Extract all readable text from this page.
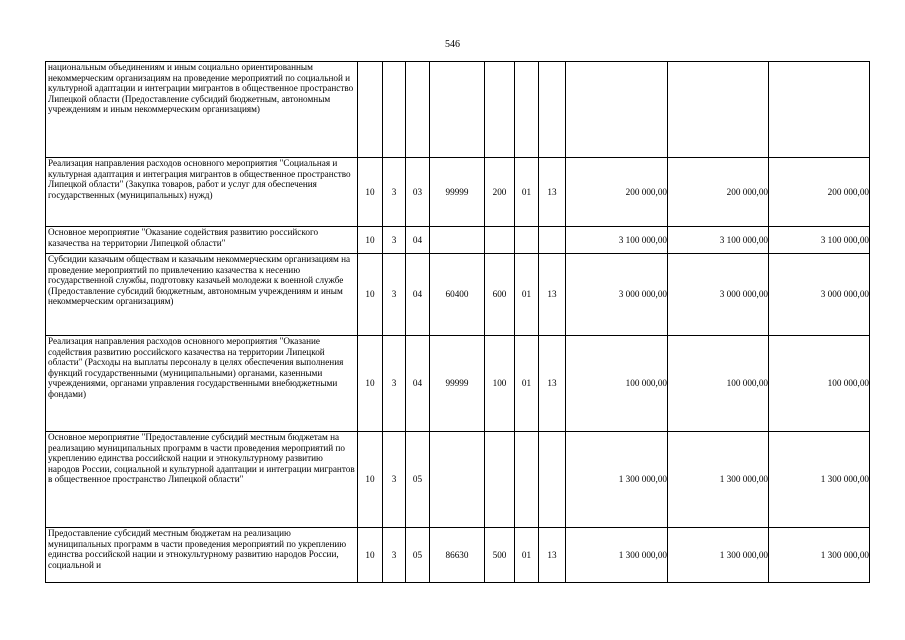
546
национальным объединениям и иным социально ориентированным некоммерческим организациям на проведение мероприятий по социальной и культурной адаптации и интеграции мигрантов в общественное пространство Липецкой области (Предоставление субсидий бюджетным, автономным учреждениям и иным некоммерческим организациям)										
Реализация направления расходов основного мероприятия "Социальная и культурная адаптация и интеграция мигрантов в общественное пространство Липецкой области" (Закупка товаров, работ и услуг для обеспечения государственных (муниципальных) нужд)	10	3	03	99999	200	01	13	200 000,00	200 000,00	200 000,00
Основное мероприятие "Оказание содействия развитию российского казачества на территории Липецкой области"	10	3	04					3 100 000,00	3 100 000,00	3 100 000,00
Субсидии казачьим обществам и казачьим некоммерческим организациям на проведение мероприятий по привлечению казачества к несению государственной службы, подготовку казачьей молодежи к военной службе (Предоставление субсидий бюджетным, автономным учреждениям и иным некоммерческим организациям)	10	3	04	60400	600	01	13	3 000 000,00	3 000 000,00	3 000 000,00
Реализация направления расходов основного мероприятия "Оказание содействия развитию российского казачества на территории Липецкой области" (Расходы на выплаты персоналу в целях обеспечения выполнения функций государственными (муниципальными) органами, казенными учреждениями, органами управления государственными внебюджетными фондами)	10	3	04	99999	100	01	13	100 000,00	100 000,00	100 000,00
Основное мероприятие "Предоставление субсидий местным бюджетам на реализацию муниципальных программ в части проведения мероприятий по укреплению единства российской нации и этнокультурному развитию народов России, социальной и культурной адаптации и интеграции мигрантов в общественное пространство Липецкой области"	10	3	05					1 300 000,00	1 300 000,00	1 300 000,00
Предоставление субсидий местным бюджетам на реализацию муниципальных программ в части проведения мероприятий по укреплению единства российской нации и этнокультурному развитию народов России, социальной и	10	3	05	86630	500	01	13	1 300 000,00	1 300 000,00	1 300 000,00
